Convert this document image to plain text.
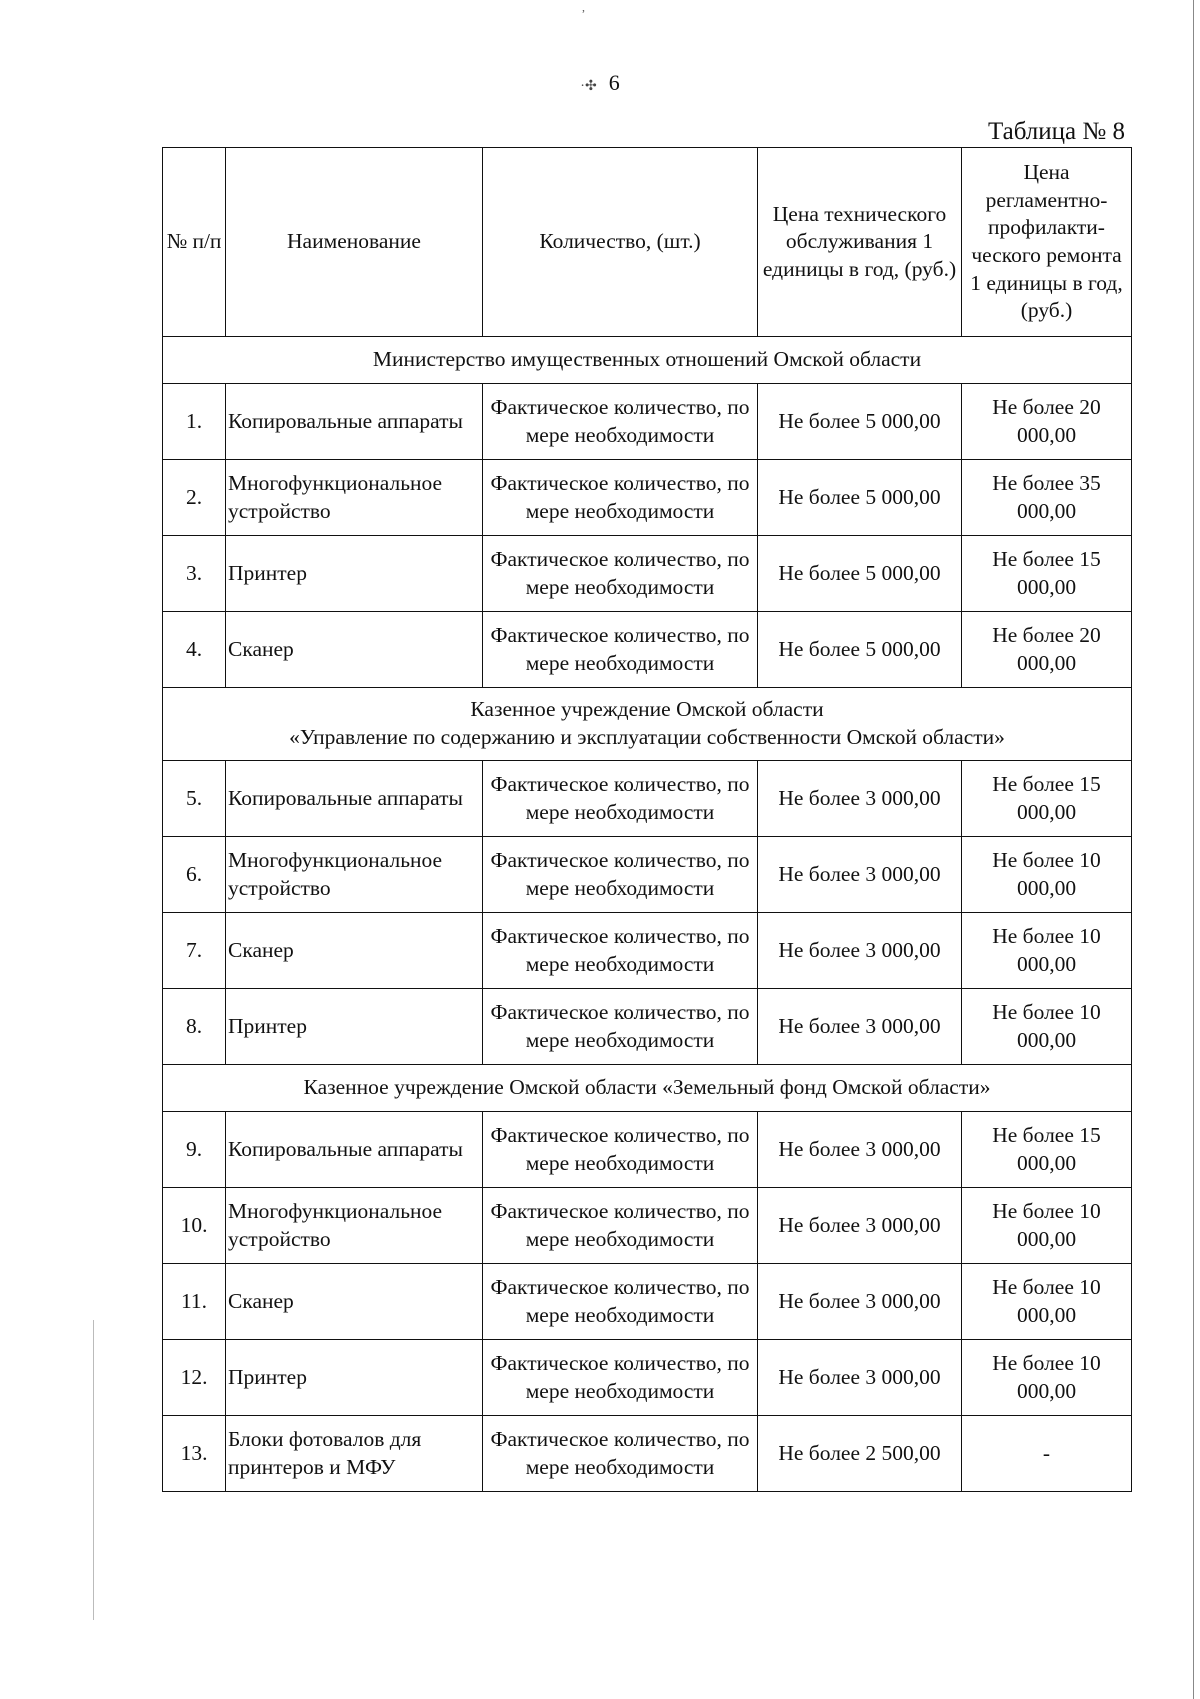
,
·✣ 6
Таблица № 8
№ п/п	Наименование	Количество, (шт.)	Цена технического обслуживания 1 единицы в год, (руб.)	Цена регламентно-профилакти-ческого ремонта 1 единицы в год, (руб.)
Министерство имущественных отношений Омской области				
1.	Копировальные аппараты	Фактическое количество, по мере необходимости	Не более 5 000,00	Не более 20 000,00
2.	Многофункциональное устройство	Фактическое количество, по мере необходимости	Не более 5 000,00	Не более 35 000,00
3.	Принтер	Фактическое количество, по мере необходимости	Не более 5 000,00	Не более 15 000,00
4.	Сканер	Фактическое количество, по мере необходимости	Не более 5 000,00	Не более 20 000,00

Казенное учреждение Омской области
«Управление по содержанию и эксплуатации собственности Омской области»				

5.	Копировальные аппараты	Фактическое количество, по мере необходимости	Не более 3 000,00	Не более 15 000,00
6.	Многофункциональное устройство	Фактическое количество, по мере необходимости	Не более 3 000,00	Не более 10 000,00
7.	Сканер	Фактическое количество, по мере необходимости	Не более 3 000,00	Не более 10 000,00
8.	Принтер	Фактическое количество, по мере необходимости	Не более 3 000,00	Не более 10 000,00
Казенное учреждение Омской области «Земельный фонд Омской области»				
9.	Копировальные аппараты	Фактическое количество, по мере необходимости	Не более 3 000,00	Не более 15 000,00
10.	Многофункциональное устройство	Фактическое количество, по мере необходимости	Не более 3 000,00	Не более 10 000,00
11.	Сканер	Фактическое количество, по мере необходимости	Не более 3 000,00	Не более 10 000,00
12.	Принтер	Фактическое количество, по мере необходимости	Не более 3 000,00	Не более 10 000,00
13.	Блоки фотовалов для принтеров и МФУ	Фактическое количество, по мере необходимости	Не более 2 500,00	-
